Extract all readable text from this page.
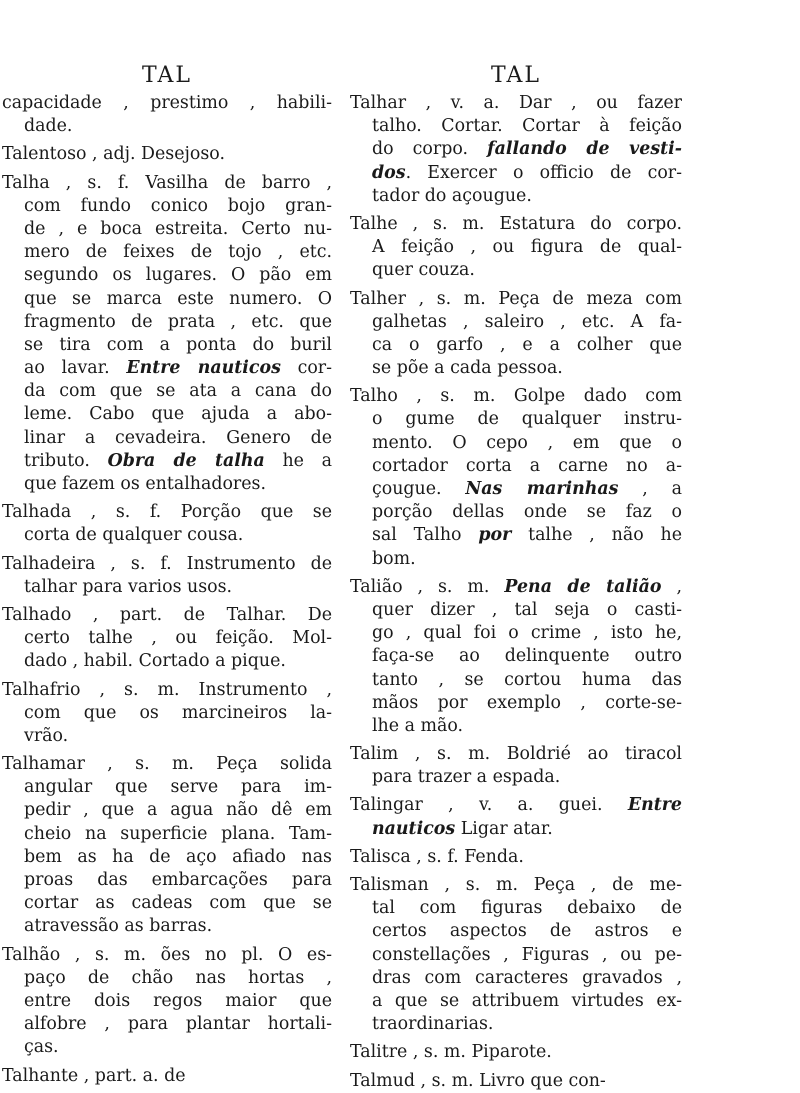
TAL
capacidade , prestimo , habili-
dade.
Talentoso , adj. Desejoso.
Talha , s. f. Vasilha de barro ,
com fundo conico bojo gran-
de , e boca estreita. Certo nu-
mero de feixes de tojo , etc.
segundo os lugares. O pão em
que se marca este numero. O
fragmento de prata , etc. que
se tira com a ponta do buril
ao lavar. Entre nauticos cor-
da com que se ata a cana do
leme. Cabo que ajuda a abo-
linar a cevadeira. Genero de
tributo. Obra de talha he a
que fazem os entalhadores.
Talhada , s. f. Porção que se
corta de qualquer cousa.
Talhadeira , s. f. Instrumento de
talhar para varios usos.
Talhado , part. de Talhar. De
certo talhe , ou feição. Mol-
dado , habil. Cortado a pique.
Talhafrio , s. m. Instrumento ,
com que os marcineiros la-
vrão.
Talhamar , s. m. Peça solida
angular que serve para im-
pedir , que a agua não dê em
cheio na superficie plana. Tam-
bem as ha de aço afiado nas
proas das embarcações para
cortar as cadeas com que se
atravessão as barras.
Talhão , s. m. ões no pl. O es-
paço de chão nas hortas ,
entre dois regos maior que
alfobre , para plantar hortali-
ças.
Talhante , part. a. de
TAL
Talhar , v. a. Dar , ou fazer
talho. Cortar. Cortar à feição
do corpo. fallando de vesti-
dos. Exercer o officio de cor-
tador do açougue.
Talhe , s. m. Estatura do corpo.
A feição , ou figura de qual-
quer couza.
Talher , s. m. Peça de meza com
galhetas , saleiro , etc. A fa-
ca o garfo , e a colher que
se põe a cada pessoa.
Talho , s. m. Golpe dado com
o gume de qualquer instru-
mento. O cepo , em que o
cortador corta a carne no a-
çougue. Nas marinhas , a
porção dellas onde se faz o
sal Talho por talhe , não he
bom.
Talião , s. m. Pena de talião ,
quer dizer , tal seja o casti-
go , qual foi o crime , isto he,
faça-se ao delinquente outro
tanto , se cortou huma das
mãos por exemplo , corte-se-
lhe a mão.
Talim , s. m. Boldrié ao tiracol
para trazer a espada.
Talingar , v. a. guei. Entre
nauticos Ligar atar.
Talisca , s. f. Fenda.
Talisman , s. m. Peça , de me-
tal com figuras debaixo de
certos aspectos de astros e
constellações , Figuras , ou pe-
dras com caracteres gravados ,
a que se attribuem virtudes ex-
traordinarias.
Talitre , s. m. Piparote.
Talmud , s. m. Livro que con-
